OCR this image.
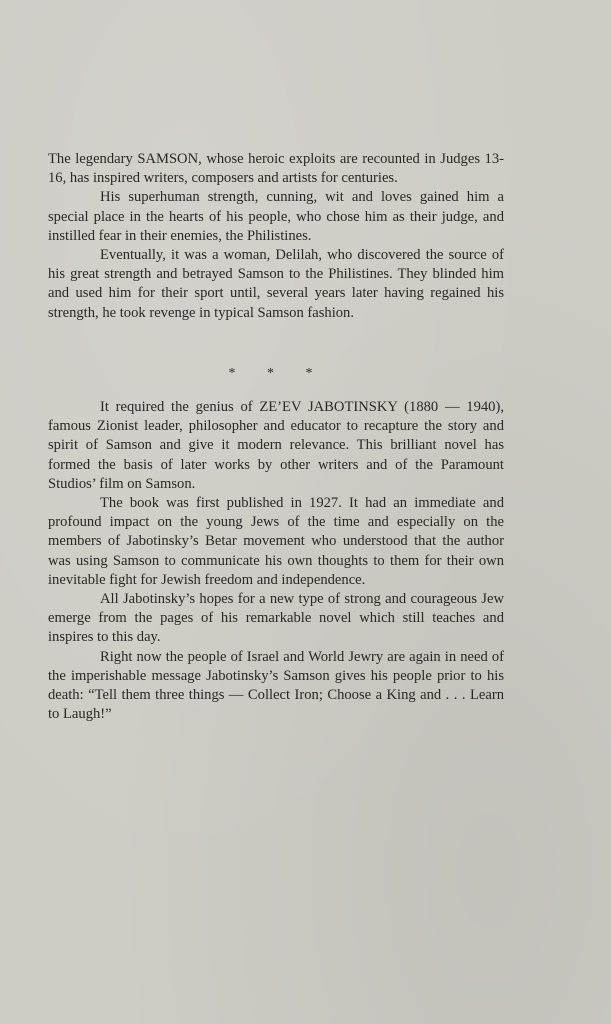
The legendary SAMSON, whose heroic exploits are recounted in Judges 13-16, has inspired writers, composers and artists for centuries.

His superhuman strength, cunning, wit and loves gained him a special place in the hearts of his people, who chose him as their judge, and instilled fear in their enemies, the Philistines.

Eventually, it was a woman, Delilah, who discovered the source of his great strength and betrayed Samson to the Philistines. They blinded him and used him for their sport until, several years later having regained his strength, he took revenge in typical Samson fashion.

* * *

It required the genius of ZE’EV JABOTINSKY (1880 — 1940), famous Zionist leader, philosopher and educator to recapture the story and spirit of Samson and give it modern relevance. This brilliant novel has formed the basis of later works by other writers and of the Paramount Studios’ film on Samson.

The book was first published in 1927. It had an immediate and profound impact on the young Jews of the time and especially on the members of Jabotinsky’s Betar movement who understood that the author was using Samson to communicate his own thoughts to them for their own inevitable fight for Jewish freedom and independence.

All Jabotinsky’s hopes for a new type of strong and courageous Jew emerge from the pages of his remarkable novel which still teaches and inspires to this day.

Right now the people of Israel and World Jewry are again in need of the imperishable message Jabotinsky’s Samson gives his people prior to his death: “Tell them three things — Collect Iron; Choose a King and . . . Learn to Laugh!”
